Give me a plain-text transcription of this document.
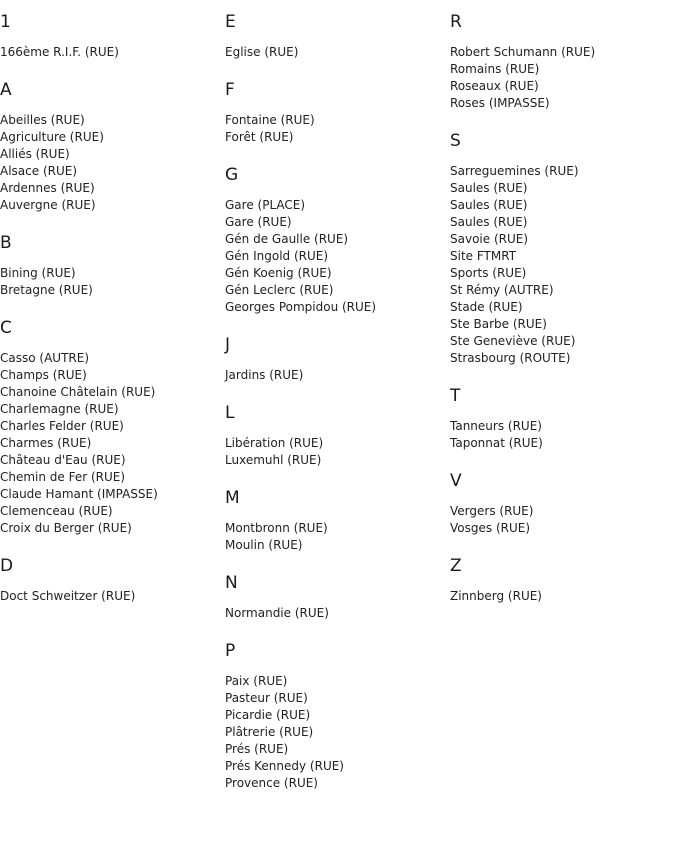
1
166ème R.I.F. (RUE)
A
Abeilles (RUE)
Agriculture (RUE)
Alliés (RUE)
Alsace (RUE)
Ardennes (RUE)
Auvergne (RUE)
B
Bining (RUE)
Bretagne (RUE)
C
Casso (AUTRE)
Champs (RUE)
Chanoine Châtelain (RUE)
Charlemagne (RUE)
Charles Felder (RUE)
Charmes (RUE)
Château d'Eau (RUE)
Chemin de Fer (RUE)
Claude Hamant (IMPASSE)
Clemenceau (RUE)
Croix du Berger (RUE)
D
Doct Schweitzer (RUE)
E
Eglise (RUE)
F
Fontaine (RUE)
Forêt (RUE)
G
Gare (PLACE)
Gare (RUE)
Gén de Gaulle (RUE)
Gén Ingold (RUE)
Gén Koenig (RUE)
Gén Leclerc (RUE)
Georges Pompidou (RUE)
J
Jardins (RUE)
L
Libération (RUE)
Luxemuhl (RUE)
M
Montbronn (RUE)
Moulin (RUE)
N
Normandie (RUE)
P
Paix (RUE)
Pasteur (RUE)
Picardie (RUE)
Plâtrerie (RUE)
Prés (RUE)
Prés Kennedy (RUE)
Provence (RUE)
R
Robert Schumann (RUE)
Romains (RUE)
Roseaux (RUE)
Roses (IMPASSE)
S
Sarreguemines (RUE)
Saules (RUE)
Saules (RUE)
Saules (RUE)
Savoie (RUE)
Site FTMRT
Sports (RUE)
St Rémy (AUTRE)
Stade (RUE)
Ste Barbe (RUE)
Ste Geneviève (RUE)
Strasbourg (ROUTE)
T
Tanneurs (RUE)
Taponnat (RUE)
V
Vergers (RUE)
Vosges (RUE)
Z
Zinnberg (RUE)
